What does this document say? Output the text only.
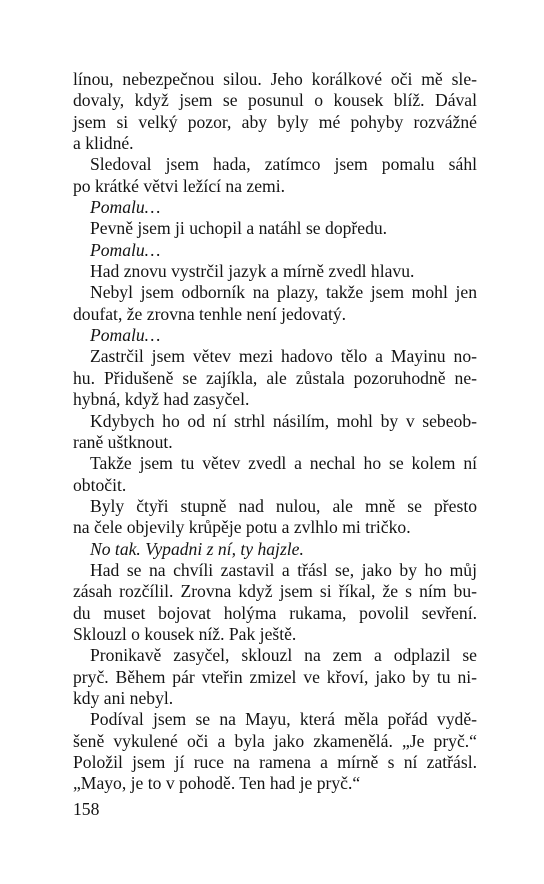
línou, nebezpečnou silou. Jeho korálkové oči mě sle-
dovaly, když jsem se posunul o kousek blíž. Dával
jsem si velký pozor, aby byly mé pohyby rozvážné
a klidné.
Sledoval jsem hada, zatímco jsem pomalu sáhl
po krátké větvi ležící na zemi.
Pomalu…
Pevně jsem ji uchopil a natáhl se dopředu.
Pomalu…
Had znovu vystrčil jazyk a mírně zvedl hlavu.
Nebyl jsem odborník na plazy, takže jsem mohl jen
doufat, že zrovna tenhle není jedovatý.
Pomalu…
Zastrčil jsem větev mezi hadovo tělo a Mayinu no-
hu. Přidušeně se zajíkla, ale zůstala pozoruhodně ne-
hybná, když had zasyčel.
Kdybych ho od ní strhl násilím, mohl by v sebeob-
raně uštknout.
Takže jsem tu větev zvedl a nechal ho se kolem ní
obtočit.
Byly čtyři stupně nad nulou, ale mně se přesto
na čele objevily krůpěje potu a zvlhlo mi tričko.
No tak. Vypadni z ní, ty hajzle.
Had se na chvíli zastavil a třásl se, jako by ho můj
zásah rozčílil. Zrovna když jsem si říkal, že s ním bu-
du muset bojovat holýma rukama, povolil sevření.
Sklouzl o kousek níž. Pak ještě.
Pronikavě zasyčel, sklouzl na zem a odplazil se
pryč. Během pár vteřin zmizel ve křoví, jako by tu ni-
kdy ani nebyl.
Podíval jsem se na Mayu, která měla pořád vydě-
šeně vykulené oči a byla jako zkamenělá. „Je pryč.“
Položil jsem jí ruce na ramena a mírně s ní zatřásl.
„Mayo, je to v pohodě. Ten had je pryč.“
158
